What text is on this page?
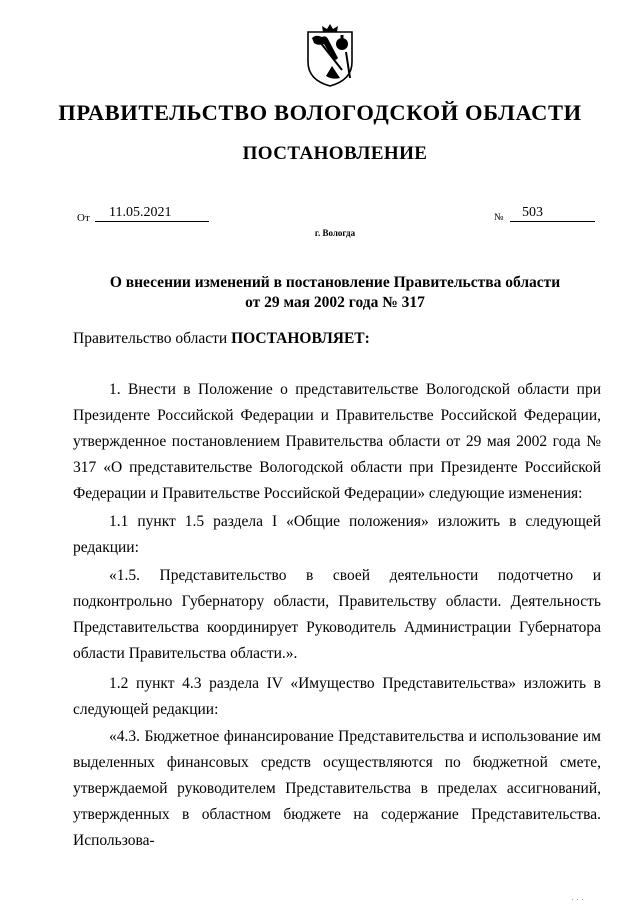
ПРАВИТЕЛЬСТВО ВОЛОГОДСКОЙ ОБЛАСТИ
ПОСТАНОВЛЕНИЕ
От	11.05.2021	№	503
г. Вологда
О внесении изменений в постановление Правительства области
от 29 мая 2002 года № 317

Правительство области ПОСТАНОВЛЯЕТ:

1. Внести в Положение о представительстве Вологодской области при Президенте Российской Федерации и Правительстве Российской Федерации, утвержденное постановлением Правительства области от 29 мая 2002 года № 317 «О представительстве Вологодской области при Президенте Российской Федерации и Правительстве Российской Федерации» следующие изменения:

1.1 пункт 1.5 раздела I «Общие положения» изложить в следующей редакции:

«1.5. Представительство в своей деятельности подотчетно и подконтрольно Губернатору области, Правительству области. Деятельность Представительства координирует Руководитель Администрации Губернатора области Правительства области.».

1.2 пункт 4.3 раздела IV «Имущество Представительства» изложить в следующей редакции:

«4.3. Бюджетное финансирование Представительства и использование им выделенных финансовых средств осуществляются по бюджетной смете, утверждаемой руководителем Представительства в пределах ассигнований, утвержденных в областном бюджете на содержание Представительства. Использова-

. . .
